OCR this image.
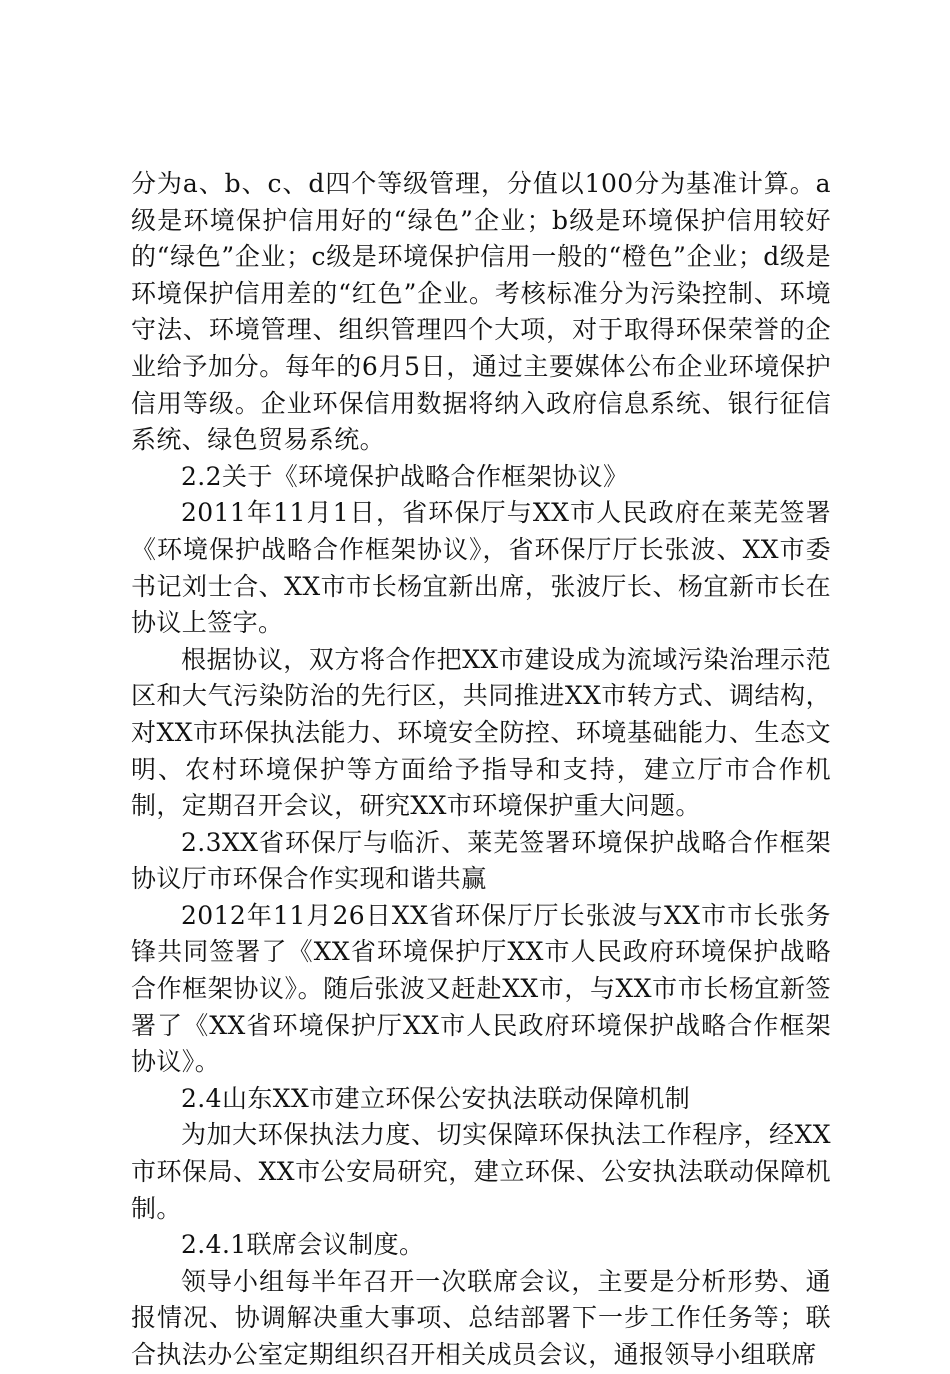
分为a、b、c、d四个等级管理，分值以100分为基准计算。a级是环境保护信用好的“绿色”企业；b级是环境保护信用较好的“绿色”企业；c级是环境保护信用一般的“橙色”企业；d级是环境保护信用差的“红色”企业。考核标准分为污染控制、环境守法、环境管理、组织管理四个大项，对于取得环保荣誉的企业给予加分。每年的6月5日，通过主要媒体公布企业环境保护信用等级。企业环保信用数据将纳入政府信息系统、银行征信系统、绿色贸易系统。

2.2关于《环境保护战略合作框架协议》

2011年11月1日，省环保厅与XX市人民政府在莱芜签署《环境保护战略合作框架协议》，省环保厅厅长张波、XX市委书记刘士合、XX市市长杨宜新出席，张波厅长、杨宜新市长在协议上签字。

根据协议，双方将合作把XX市建设成为流域污染治理示范区和大气污染防治的先行区，共同推进XX市转方式、调结构，对XX市环保执法能力、环境安全防控、环境基础能力、生态文明、农村环境保护等方面给予指导和支持，建立厅市合作机制，定期召开会议，研究XX市环境保护重大问题。

2.3XX省环保厅与临沂、莱芜签署环境保护战略合作框架协议厅市环保合作实现和谐共赢

2012年11月26日XX省环保厅厅长张波与XX市市长张务锋共同签署了《XX省环境保护厅XX市人民政府环境保护战略合作框架协议》。随后张波又赶赴XX市，与XX市市长杨宜新签署了《XX省环境保护厅XX市人民政府环境保护战略合作框架协议》。

2.4山东XX市建立环保公安执法联动保障机制

为加大环保执法力度、切实保障环保执法工作程序，经XX市环保局、XX市公安局研究，建立环保、公安执法联动保障机制。

2.4.1联席会议制度。

领导小组每半年召开一次联席会议，主要是分析形势、通报情况、协调解决重大事项、总结部署下一步工作任务等；联合执法办公室定期组织召开相关成员会议，通报领导小组联席
